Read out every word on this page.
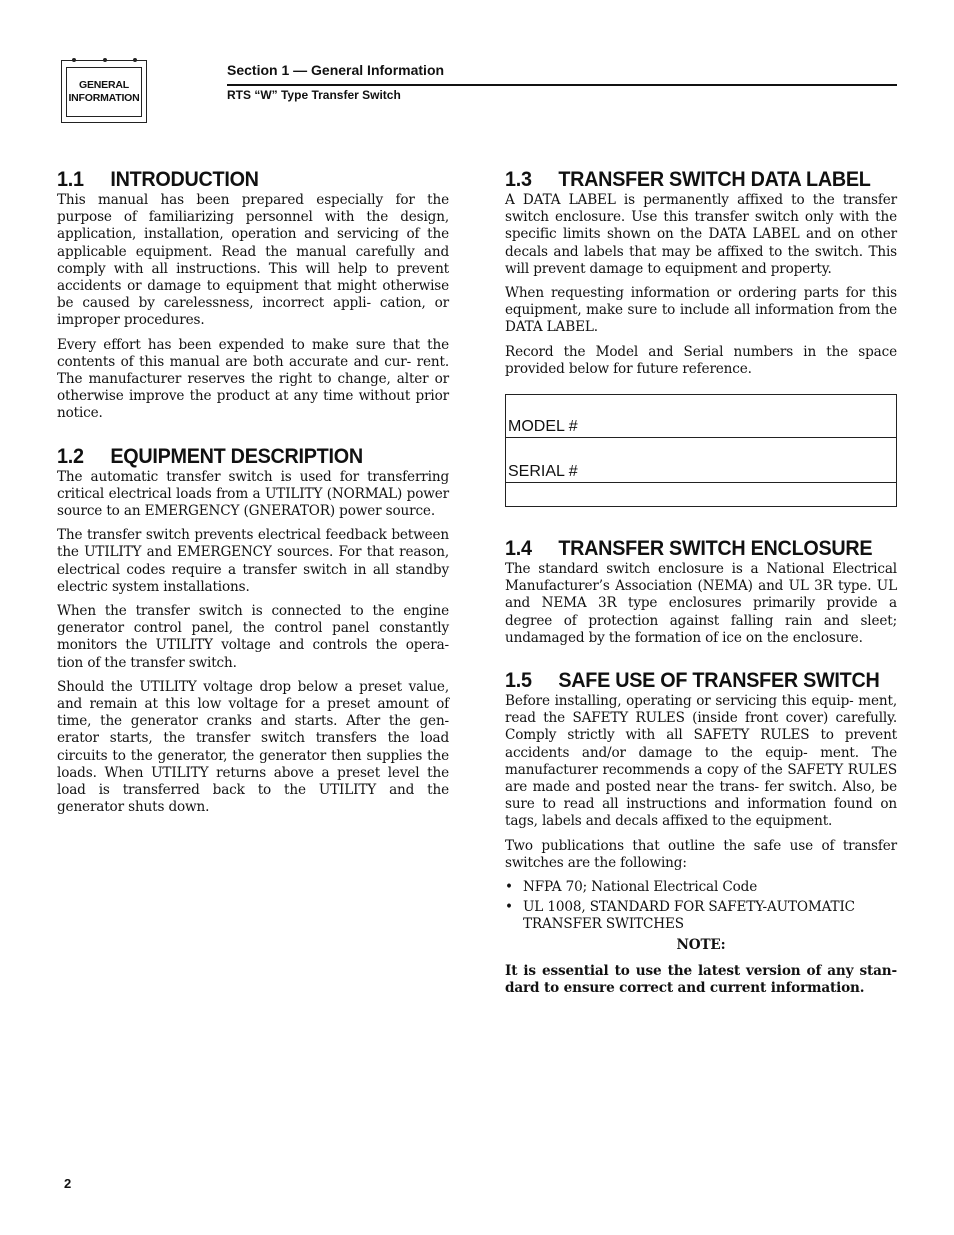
GENERAL
INFORMATION
Section 1 — General Information
RTS “W” Type Transfer Switch
1.1 INTRODUCTION

This manual has been prepared especially for the purpose of familiarizing personnel with the design, application, installation, operation and servicing of the applicable equipment. Read the manual carefully and comply with all instructions. This will help to prevent accidents or damage to equipment that might otherwise be caused by carelessness, incorrect appli- cation, or improper procedures.

Every effort has been expended to make sure that the contents of this manual are both accurate and cur- rent. The manufacturer reserves the right to change, alter or otherwise improve the product at any time without prior notice.

1.2 EQUIPMENT DESCRIPTION

The automatic transfer switch is used for transferring critical electrical loads from a UTILITY (NORMAL) power source to an EMERGENCY (GNERATOR) power source.

The transfer switch prevents electrical feedback between the UTILITY and EMERGENCY sources. For that reason, electrical codes require a transfer switch in all standby electric system installations.

When the transfer switch is connected to the engine generator control panel, the control panel constantly monitors the UTILITY voltage and controls the opera- tion of the transfer switch.

Should the UTILITY voltage drop below a preset value, and remain at this low voltage for a preset amount of time, the generator cranks and starts. After the gen- erator starts, the transfer switch transfers the load circuits to the generator, the generator then supplies the loads. When UTILITY returns above a preset level the load is transferred back to the UTILITY and the generator shuts down.

1.3 TRANSFER SWITCH DATA LABEL

A DATA LABEL is permanently affixed to the transfer switch enclosure. Use this transfer switch only with the specific limits shown on the DATA LABEL and on other decals and labels that may be affixed to the switch. This will prevent damage to equipment and property.

When requesting information or ordering parts for this equipment, make sure to include all information from the DATA LABEL.

Record the Model and Serial numbers in the space provided below for future reference.

MODEL #
SERIAL #
1.4 TRANSFER SWITCH ENCLOSURE

The standard switch enclosure is a National Electrical Manufacturer’s Association (NEMA) and UL 3R type. UL and NEMA 3R type enclosures primarily provide a degree of protection against falling rain and sleet; undamaged by the formation of ice on the enclosure.

1.5 SAFE USE OF TRANSFER SWITCH

Before installing, operating or servicing this equip- ment, read the SAFETY RULES (inside front cover) carefully. Comply strictly with all SAFETY RULES to prevent accidents and/or damage to the equip- ment. The manufacturer recommends a copy of the SAFETY RULES are made and posted near the trans- fer switch. Also, be sure to read all instructions and information found on tags, labels and decals affixed to the equipment.

Two publications that outline the safe use of transfer switches are the following:

• NFPA 70; National Electrical Code
• UL 1008, STANDARD FOR SAFETY-AUTOMATIC TRANSFER SWITCHES

NOTE:

It is essential to use the latest version of any stan- dard to ensure correct and current information.

2
